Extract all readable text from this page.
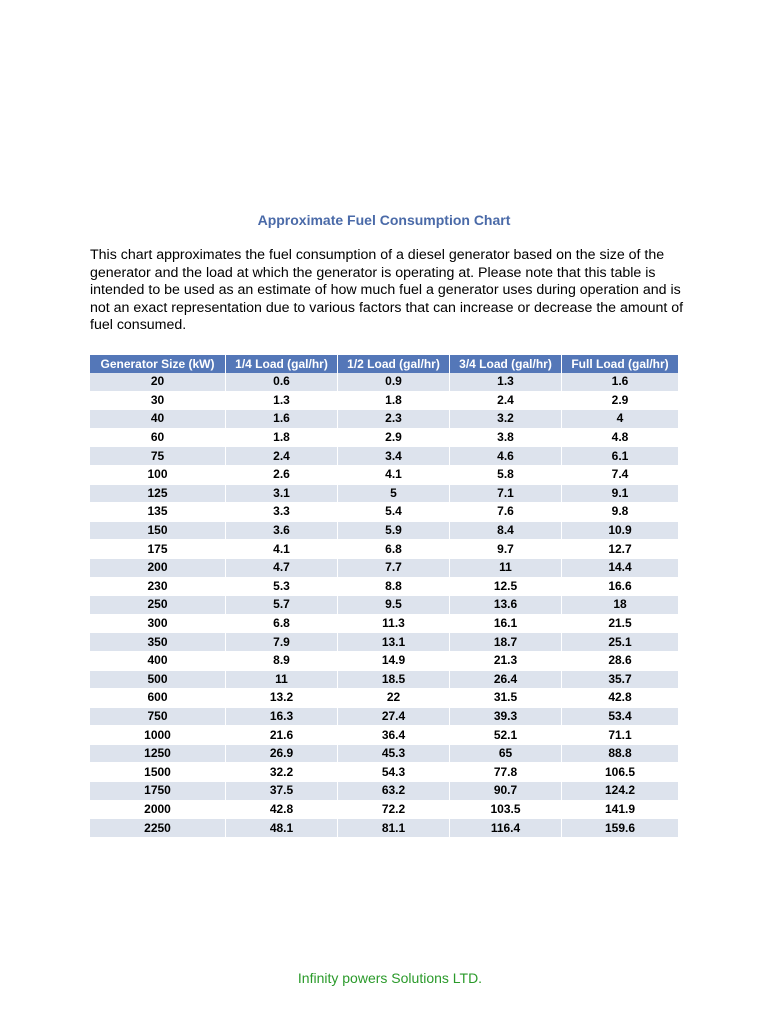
Approximate Fuel Consumption Chart

This chart approximates the fuel consumption of a diesel generator based on the size of the generator and the load at which the generator is operating at. Please note that this table is intended to be used as an estimate of how much fuel a generator uses during operation and is not an exact representation due to various factors that can increase or decrease the amount of fuel consumed.

Generator Size (kW)	1/4 Load (gal/hr)	1/2 Load (gal/hr)	3/4 Load (gal/hr)	Full Load (gal/hr)
20	0.6	0.9	1.3	1.6
30	1.3	1.8	2.4	2.9
40	1.6	2.3	3.2	4
60	1.8	2.9	3.8	4.8
75	2.4	3.4	4.6	6.1
100	2.6	4.1	5.8	7.4
125	3.1	5	7.1	9.1
135	3.3	5.4	7.6	9.8
150	3.6	5.9	8.4	10.9
175	4.1	6.8	9.7	12.7
200	4.7	7.7	11	14.4
230	5.3	8.8	12.5	16.6
250	5.7	9.5	13.6	18
300	6.8	11.3	16.1	21.5
350	7.9	13.1	18.7	25.1
400	8.9	14.9	21.3	28.6
500	11	18.5	26.4	35.7
600	13.2	22	31.5	42.8
750	16.3	27.4	39.3	53.4
1000	21.6	36.4	52.1	71.1
1250	26.9	45.3	65	88.8
1500	32.2	54.3	77.8	106.5
1750	37.5	63.2	90.7	124.2
2000	42.8	72.2	103.5	141.9
2250	48.1	81.1	116.4	159.6
Infinity powers Solutions LTD.
